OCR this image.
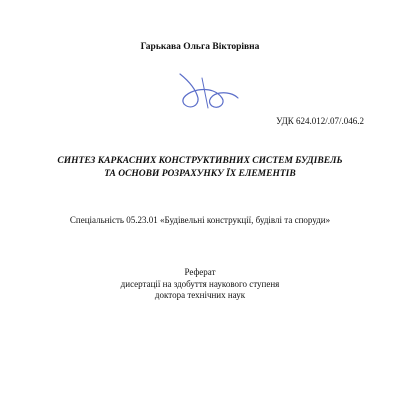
Гарькава Ольга Вікторівна
УДК 624.012/.07/.046.2
СИНТЕЗ КАРКАСНИХ КОНСТРУКТИВНИХ СИСТЕМ БУДІВЕЛЬ
ТА ОСНОВИ РОЗРАХУНКУ ЇХ ЕЛЕМЕНТІВ
Спеціальність 05.23.01 «Будівельні конструкції, будівлі та споруди»
Реферат
дисертації на здобуття наукового ступеня
доктора технічних наук
